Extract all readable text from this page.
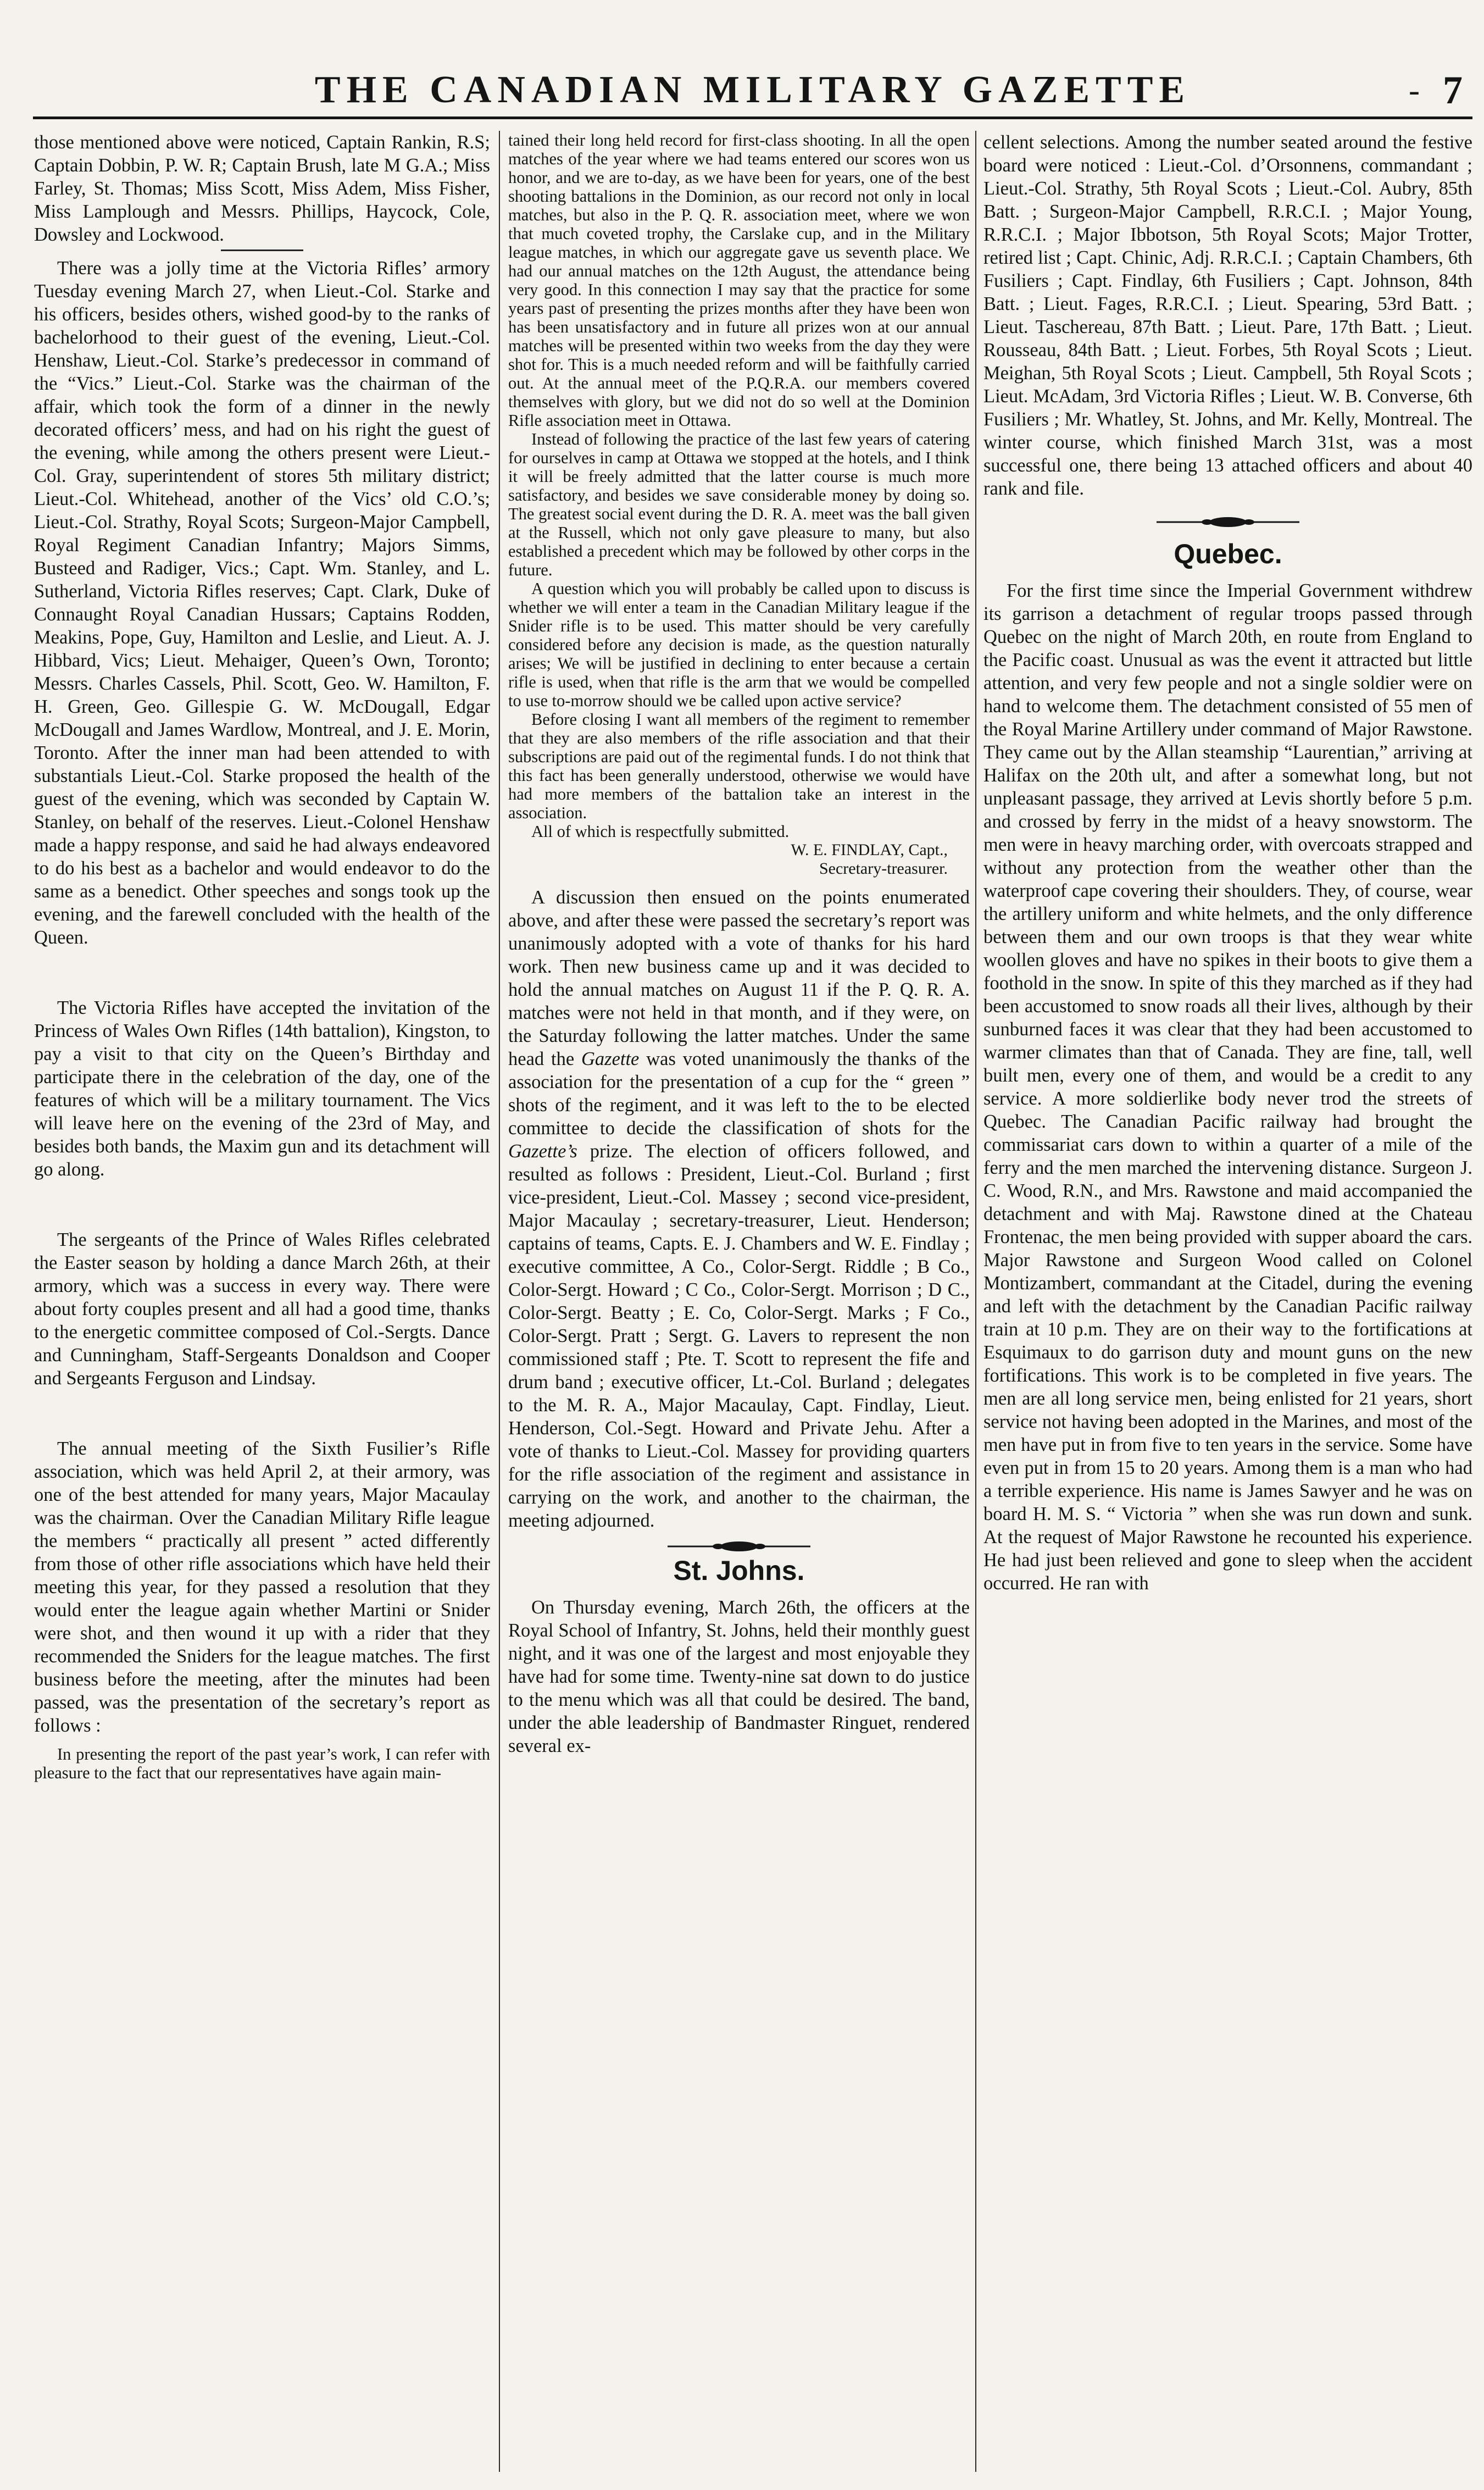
THE CANADIAN MILITARY GAZETTE	- 7

those mentioned above were noticed, Captain Rankin, R.S; Captain Dobbin, P. W. R; Captain Brush, late M G.A.; Miss Farley, St. Thomas; Miss Scott, Miss Adem, Miss Fisher, Miss Lamplough and Messrs. Phillips, Haycock, Cole, Dowsley and Lockwood.

There was a jolly time at the Victoria Rifles’ armory Tuesday evening March 27, when Lieut.-Col. Starke and his officers, besides others, wished good-by to the ranks of bachelorhood to their guest of the evening, Lieut.-Col. Henshaw, Lieut.-Col. Starke’s predecessor in command of the “Vics.” Lieut.-Col. Starke was the chairman of the affair, which took the form of a dinner in the newly decorated officers’ mess, and had on his right the guest of the evening, while among the others present were Lieut.-Col. Gray, superintendent of stores 5th military district; Lieut.-Col. Whitehead, another of the Vics’ old C.O.’s; Lieut.-Col. Strathy, Royal Scots; Surgeon-Major Campbell, Royal Regiment Canadian Infantry; Majors Simms, Busteed and Radiger, Vics.; Capt. Wm. Stanley, and L. Sutherland, Victoria Rifles reserves; Capt. Clark, Duke of Connaught Royal Canadian Hussars; Captains Rodden, Meakins, Pope, Guy, Hamilton and Leslie, and Lieut. A. J. Hibbard, Vics; Lieut. Mehaiger, Queen’s Own, Toronto; Messrs. Charles Cassels, Phil. Scott, Geo. W. Hamilton, F. H. Green, Geo. Gillespie G. W. McDougall, Edgar McDougall and James Wardlow, Montreal, and J. E. Morin, Toronto. After the inner man had been attended to with substantials Lieut.-Col. Starke proposed the health of the guest of the evening, which was seconded by Captain W. Stanley, on behalf of the reserves. Lieut.-Colonel Henshaw made a happy response, and said he had always endeavored to do his best as a bachelor and would endeavor to do the same as a benedict. Other speeches and songs took up the evening, and the farewell concluded with the health of the Queen.

The Victoria Rifles have accepted the invitation of the Princess of Wales Own Rifles (14th battalion), Kingston, to pay a visit to that city on the Queen’s Birthday and participate there in the celebration of the day, one of the features of which will be a military tournament. The Vics will leave here on the evening of the 23rd of May, and besides both bands, the Maxim gun and its detachment will go along.

The sergeants of the Prince of Wales Rifles celebrated the Easter season by holding a dance March 26th, at their armory, which was a success in every way. There were about forty couples present and all had a good time, thanks to the energetic committee composed of Col.-Sergts. Dance and Cunningham, Staff-Sergeants Donaldson and Cooper and Sergeants Ferguson and Lindsay.

The annual meeting of the Sixth Fusilier’s Rifle association, which was held April 2, at their armory, was one of the best attended for many years, Major Macaulay was the chairman. Over the Canadian Military Rifle league the members “ practically all present ” acted differently from those of other rifle associations which have held their meeting this year, for they passed a resolution that they would enter the league again whether Martini or Snider were shot, and then wound it up with a rider that they recommended the Sniders for the league matches. The first business before the meeting, after the minutes had been passed, was the presentation of the secretary’s report as follows :

In presenting the report of the past year’s work, I can refer with pleasure to the fact that our representatives have again main-

tained their long held record for first-class shooting. In all the open matches of the year where we had teams entered our scores won us honor, and we are to-day, as we have been for years, one of the best shooting battalions in the Dominion, as our record not only in local matches, but also in the P. Q. R. association meet, where we won that much coveted trophy, the Carslake cup, and in the Military league matches, in which our aggregate gave us seventh place. We had our annual matches on the 12th August, the attendance being very good. In this connection I may say that the practice for some years past of presenting the prizes months after they have been won has been unsatisfactory and in future all prizes won at our annual matches will be presented within two weeks from the day they were shot for. This is a much needed reform and will be faithfully carried out. At the annual meet of the P.Q.R.A. our members covered themselves with glory, but we did not do so well at the Dominion Rifle association meet in Ottawa.

Instead of following the practice of the last few years of catering for ourselves in camp at Ottawa we stopped at the hotels, and I think it will be freely admitted that the latter course is much more satisfactory, and besides we save considerable money by doing so. The greatest social event during the D. R. A. meet was the ball given at the Russell, which not only gave pleasure to many, but also established a precedent which may be followed by other corps in the future.

A question which you will probably be called upon to discuss is whether we will enter a team in the Canadian Military league if the Snider rifle is to be used. This matter should be very carefully considered before any decision is made, as the question naturally arises; We will be justified in declining to enter because a certain rifle is used, when that rifle is the arm that we would be compelled to use to-morrow should we be called upon active service?

Before closing I want all members of the regiment to remember that they are also members of the rifle association and that their subscriptions are paid out of the regimental funds. I do not think that this fact has been generally understood, otherwise we would have had more members of the battalion take an interest in the association.

All of which is respectfully submitted.

W. E. FINDLAY, Capt.,
Secretary-treasurer.

A discussion then ensued on the points enumerated above, and after these were passed the secretary’s report was unanimously adopted with a vote of thanks for his hard work. Then new business came up and it was decided to hold the annual matches on August 11 if the P. Q. R. A. matches were not held in that month, and if they were, on the Saturday following the latter matches. Under the same head the Gazette was voted unanimously the thanks of the association for the presentation of a cup for the “ green ” shots of the regiment, and it was left to the to be elected committee to decide the classification of shots for the Gazette’s prize. The election of officers followed, and resulted as follows : President, Lieut.-Col. Burland ; first vice-president, Lieut.-Col. Massey ; second vice-president, Major Macaulay ; secretary-treasurer, Lieut. Henderson; captains of teams, Capts. E. J. Chambers and W. E. Findlay ; executive committee, A Co., Color-Sergt. Riddle ; B Co., Color-Sergt. Howard ; C Co., Color-Sergt. Morrison ; D C., Color-Sergt. Beatty ; E. Co, Color-Sergt. Marks ; F Co., Color-Sergt. Pratt ; Sergt. G. Lavers to represent the non commissioned staff ; Pte. T. Scott to represent the fife and drum band ; executive officer, Lt.-Col. Burland ; delegates to the M. R. A., Major Macaulay, Capt. Findlay, Lieut. Henderson, Col.-Segt. Howard and Private Jehu. After a vote of thanks to Lieut.-Col. Massey for providing quarters for the rifle association of the regiment and assistance in carrying on the work, and another to the chairman, the meeting adjourned.

St. Johns.

On Thursday evening, March 26th, the officers at the Royal School of Infantry, St. Johns, held their monthly guest night, and it was one of the largest and most enjoyable they have had for some time. Twenty-nine sat down to do justice to the menu which was all that could be desired. The band, under the able leadership of Bandmaster Ringuet, rendered several ex-

cellent selections. Among the number seated around the festive board were noticed : Lieut.-Col. d’Orsonnens, commandant ; Lieut.-Col. Strathy, 5th Royal Scots ; Lieut.-Col. Aubry, 85th Batt. ; Surgeon-Major Campbell, R.R.C.I. ; Major Young, R.R.C.I. ; Major Ibbotson, 5th Royal Scots; Major Trotter, retired list ; Capt. Chinic, Adj. R.R.C.I. ; Captain Chambers, 6th Fusiliers ; Capt. Findlay, 6th Fusiliers ; Capt. Johnson, 84th Batt. ; Lieut. Fages, R.R.C.I. ; Lieut. Spearing, 53rd Batt. ; Lieut. Taschereau, 87th Batt. ; Lieut. Pare, 17th Batt. ; Lieut. Rousseau, 84th Batt. ; Lieut. Forbes, 5th Royal Scots ; Lieut. Meighan, 5th Royal Scots ; Lieut. Campbell, 5th Royal Scots ; Lieut. McAdam, 3rd Victoria Rifles ; Lieut. W. B. Converse, 6th Fusiliers ; Mr. Whatley, St. Johns, and Mr. Kelly, Montreal. The winter course, which finished March 31st, was a most successful one, there being 13 attached officers and about 40 rank and file.

Quebec.

For the first time since the Imperial Government withdrew its garrison a detachment of regular troops passed through Quebec on the night of March 20th, en route from England to the Pacific coast. Unusual as was the event it attracted but little attention, and very few people and not a single soldier were on hand to welcome them. The detachment consisted of 55 men of the Royal Marine Artillery under command of Major Rawstone. They came out by the Allan steamship “Laurentian,” arriving at Halifax on the 20th ult, and after a somewhat long, but not unpleasant passage, they arrived at Levis shortly before 5 p.m. and crossed by ferry in the midst of a heavy snowstorm. The men were in heavy marching order, with overcoats strapped and without any protection from the weather other than the waterproof cape covering their shoulders. They, of course, wear the artillery uniform and white helmets, and the only difference between them and our own troops is that they wear white woollen gloves and have no spikes in their boots to give them a foothold in the snow. In spite of this they marched as if they had been accustomed to snow roads all their lives, although by their sunburned faces it was clear that they had been accustomed to warmer climates than that of Canada. They are fine, tall, well built men, every one of them, and would be a credit to any service. A more soldierlike body never trod the streets of Quebec. The Canadian Pacific railway had brought the commissariat cars down to within a quarter of a mile of the ferry and the men marched the intervening distance. Surgeon J. C. Wood, R.N., and Mrs. Rawstone and maid accompanied the detachment and with Maj. Rawstone dined at the Chateau Frontenac, the men being provided with supper aboard the cars. Major Rawstone and Surgeon Wood called on Colonel Montizambert, commandant at the Citadel, during the evening and left with the detachment by the Canadian Pacific railway train at 10 p.m. They are on their way to the fortifications at Esquimaux to do garrison duty and mount guns on the new fortifications. This work is to be completed in five years. The men are all long service men, being enlisted for 21 years, short service not having been adopted in the Marines, and most of the men have put in from five to ten years in the service. Some have even put in from 15 to 20 years. Among them is a man who had a terrible experience. His name is James Sawyer and he was on board H. M. S. “ Victoria ” when she was run down and sunk. At the request of Major Rawstone he recounted his experience. He had just been relieved and gone to sleep when the accident occurred. He ran with
